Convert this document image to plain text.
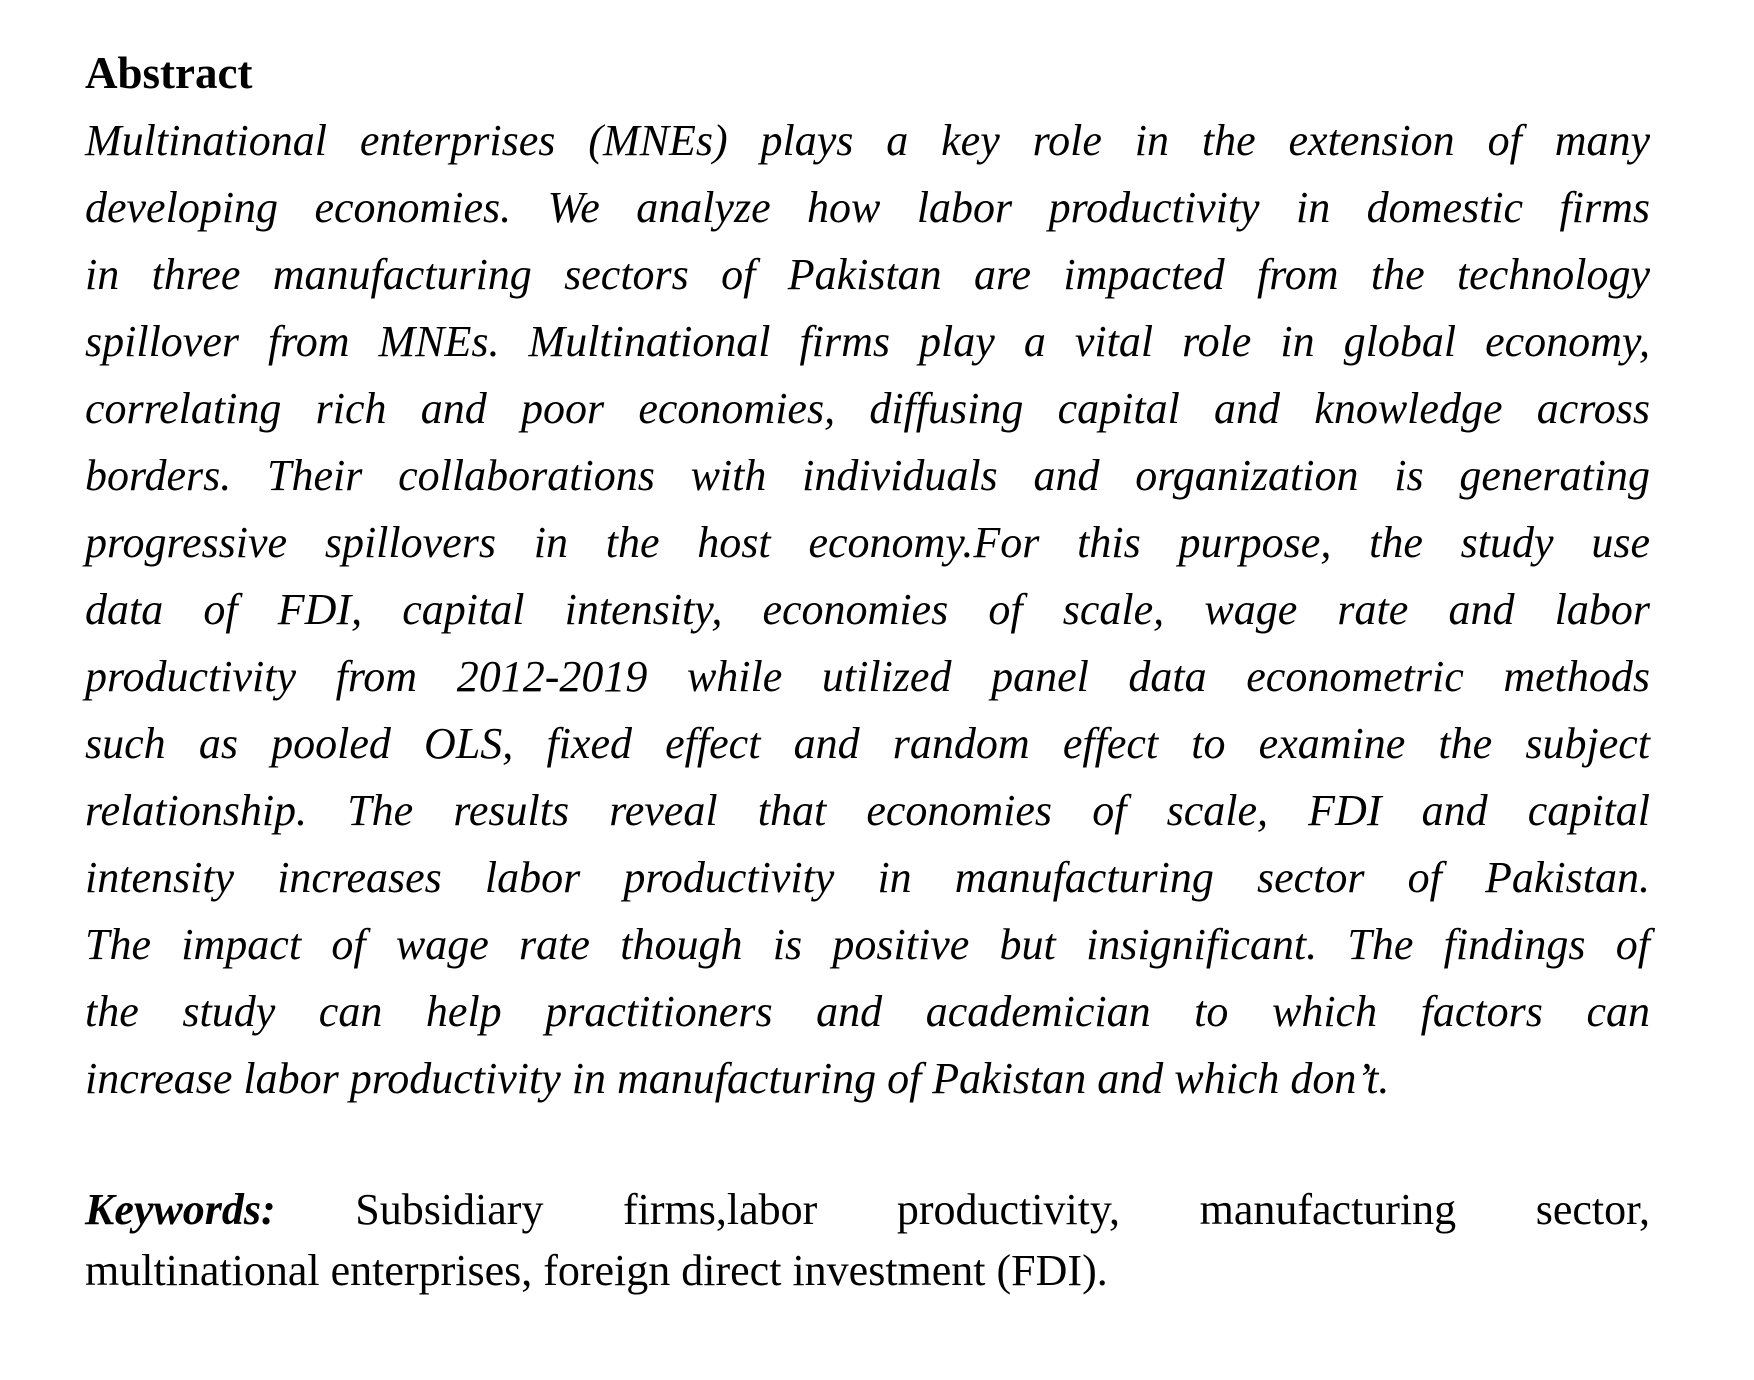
Abstract
Multinational enterprises (MNEs) plays a key role in the extension of many
developing economies. We analyze how labor productivity in domestic firms
in three manufacturing sectors of Pakistan are impacted from the technology
spillover from MNEs. Multinational firms play a vital role in global economy,
correlating rich and poor economies, diffusing capital and knowledge across
borders. Their collaborations with individuals and organization is generating
progressive spillovers in the host economy.For this purpose, the study use
data of FDI, capital intensity, economies of scale, wage rate and labor
productivity from 2012-2019 while utilized panel data econometric methods
such as pooled OLS, fixed effect and random effect to examine the subject
relationship. The results reveal that economies of scale, FDI and capital
intensity increases labor productivity in manufacturing sector of Pakistan.
The impact of wage rate though is positive but insignificant. The findings of
the study can help practitioners and academician to which factors can
increase labor productivity in manufacturing of Pakistan and which don’t.
Keywords: Subsidiary firms,labor productivity, manufacturing sector,
multinational enterprises, foreign direct investment (FDI).
